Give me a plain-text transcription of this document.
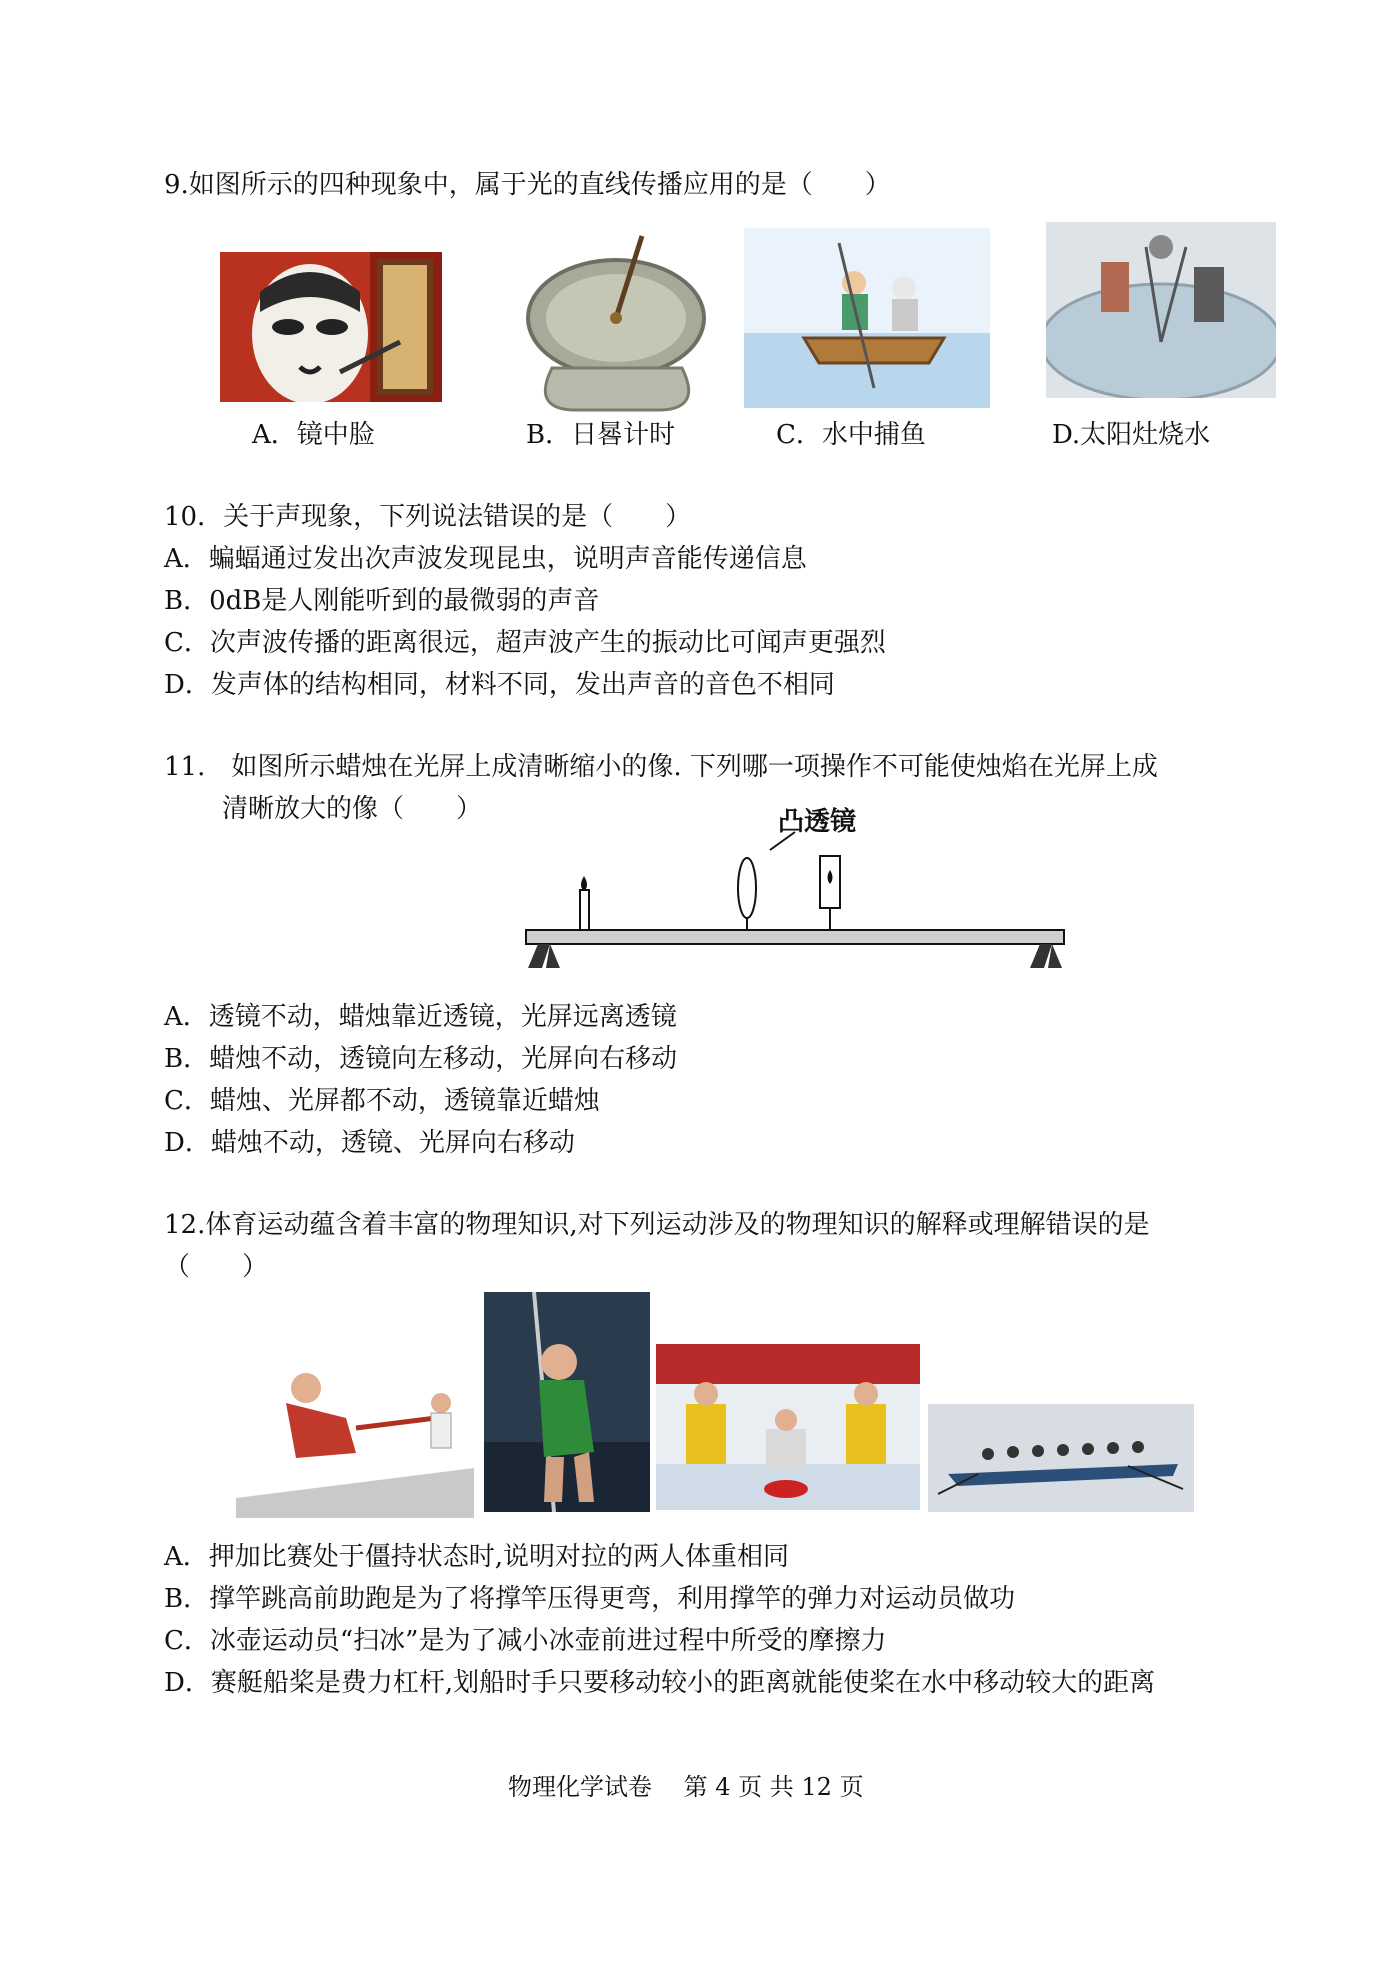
9.如图所示的四种现象中，属于光的直线传播应用的是（　　）
A．镜中脸	B．日晷计时	C．水中捕鱼	D.太阳灶烧水
10．关于声现象，下列说法错误的是（　　）
A．蝙蝠通过发出次声波发现昆虫，说明声音能传递信息
B．0dB是人刚能听到的最微弱的声音
C．次声波传播的距离很远，超声波产生的振动比可闻声更强烈
D．发声体的结构相同，材料不同，发出声音的音色不相同
11.　如图所示蜡烛在光屏上成清晰缩小的像. 下列哪一项操作不可能使烛焰在光屏上成
清晰放大的像（　　）	凸透镜
A．透镜不动，蜡烛靠近透镜，光屏远离透镜
B．蜡烛不动，透镜向左移动，光屏向右移动
C．蜡烛、光屏都不动，透镜靠近蜡烛
D．蜡烛不动，透镜、光屏向右移动
12.体育运动蕴含着丰富的物理知识,对下列运动涉及的物理知识的解释或理解错误的是
（　　）
A．押加比赛处于僵持状态时,说明对拉的两人体重相同
B．撑竿跳高前助跑是为了将撑竿压得更弯，利用撑竿的弹力对运动员做功
C．冰壶运动员“扫冰”是为了减小冰壶前进过程中所受的摩擦力
D．赛艇船桨是费力杠杆,划船时手只要移动较小的距离就能使桨在水中移动较大的距离
物理化学试卷　 第 4 页 共 12 页
